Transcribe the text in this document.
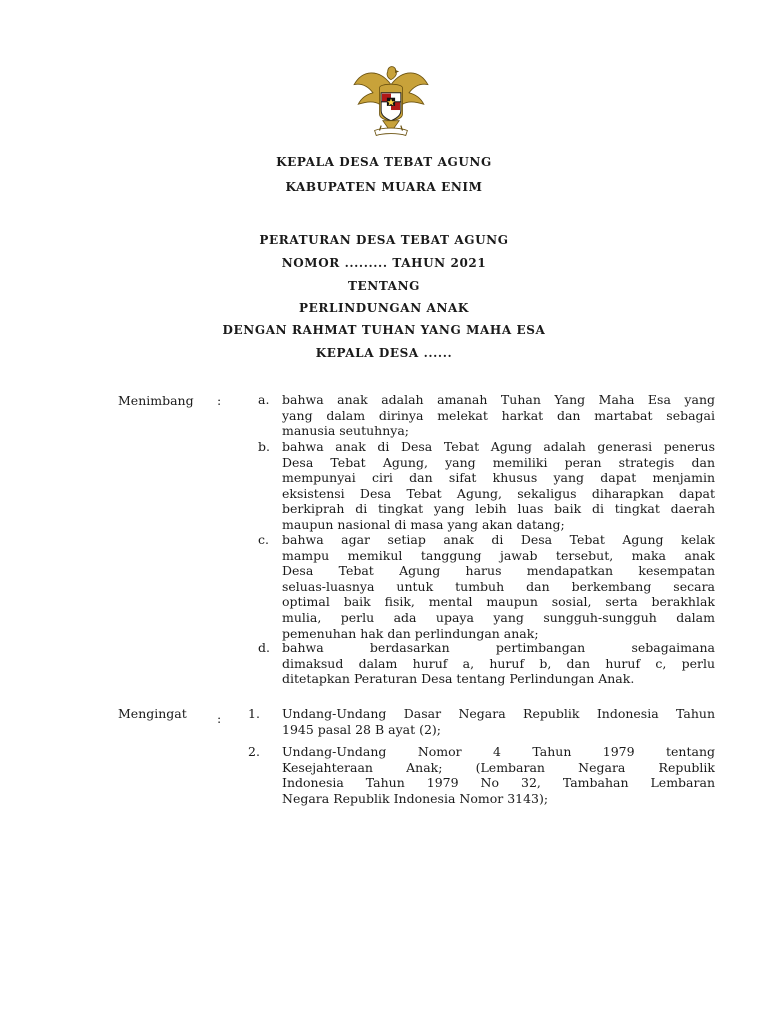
KEPALA DESA TEBAT AGUNG
KABUPATEN MUARA ENIM
PERATURAN DESA TEBAT AGUNG
NOMOR ......... TAHUN 2021
TENTANG
PERLINDUNGAN ANAK
DENGAN RAHMAT TUHAN YANG MAHA ESA
KEPALA DESA ......
Menimbang :	a. bahwa anak adalah amanah Tuhan Yang Maha Esa yang
yang dalam dirinya melekat harkat dan martabat sebagai
manusia seutuhnya;
b. bahwa anak di Desa Tebat Agung adalah generasi penerus
Desa Tebat Agung, yang memiliki peran strategis dan
mempunyai ciri dan sifat khusus yang dapat menjamin
eksistensi Desa Tebat Agung, sekaligus diharapkan dapat
berkiprah di tingkat yang lebih luas baik di tingkat daerah
maupun nasional di masa yang akan datang;
c. bahwa agar setiap anak di Desa Tebat Agung kelak
mampu memikul tanggung jawab tersebut, maka anak
Desa Tebat Agung harus mendapatkan kesempatan
seluas-luasnya untuk tumbuh dan berkembang secara
optimal baik fisik, mental maupun sosial, serta berakhlak
mulia, perlu ada upaya yang sungguh-sungguh dalam
pemenuhan hak dan perlindungan anak;
d. bahwa berdasarkan pertimbangan sebagaimana
dimaksud dalam huruf a, huruf b, dan huruf c, perlu
ditetapkan Peraturan Desa tentang Perlindungan Anak.
Mengingat : 1. Undang-Undang Dasar Negara Republik Indonesia Tahun
1945 pasal 28 B ayat (2);
2. Undang-Undang Nomor 4 Tahun 1979 tentang
Kesejahteraan Anak; (Lembaran Negara Republik
Indonesia Tahun 1979 No 32, Tambahan Lembaran
Negara Republik Indonesia Nomor 3143);
